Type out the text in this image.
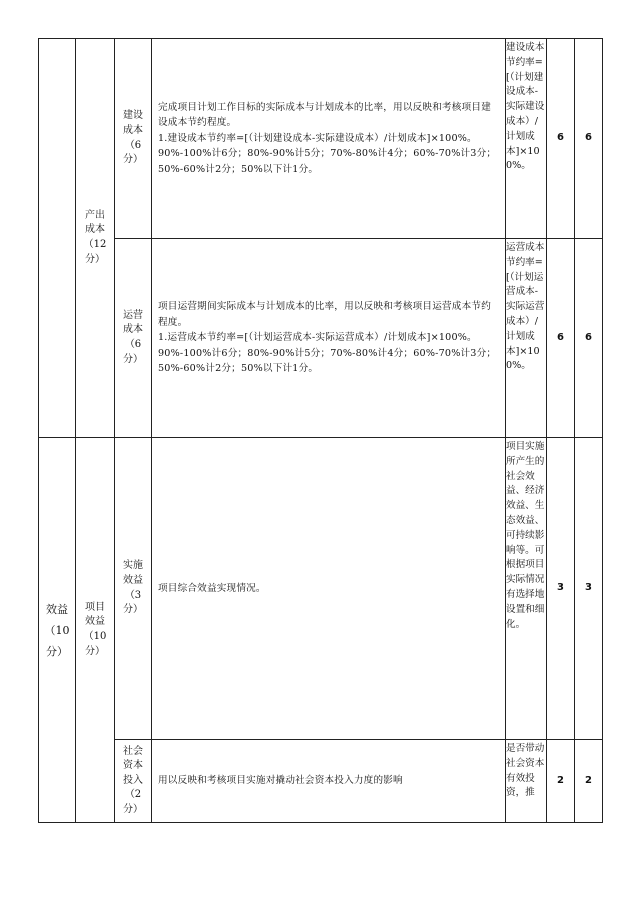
	产出成本（12分）	建设成本（6分）	完成项目计划工作目标的实际成本与计划成本的比率，用以反映和考核项目建设成本节约程度。
1.建设成本节约率=[（计划建设成本-实际建设成本）/计划成本]×100%。
90%-100%计6分；80%-90%计5分；70%-80%计4分；60%-70%计3分；50%-60%计2分；50%以下计1分。	建设成本节约率=[（计划建设成本-实际建设成本）/计划成本]×100%。	6	6

		运营成本（6分）	项目运营期间实际成本与计划成本的比率，用以反映和考核项目运营成本节约程度。
1.运营成本节约率=[（计划运营成本-实际运营成本）/计划成本]×100%。
90%-100%计6分；80%-90%计5分；70%-80%计4分；60%-70%计3分；50%-60%计2分；50%以下计1分。	运营成本节约率=[（计划运营成本-实际运营成本）/计划成本]×100%。	6	6

效益（10分）	项目效益（10分）	实施效益（3分）	项目综合效益实现情况。	项目实施所产生的社会效益、经济效益、生态效益、可持续影响等。可根据项目实际情况有选择地设置和细化。	3	3

		社会资本投入（2分）	用以反映和考核项目实施对撬动社会资本投入力度的影响	是否带动社会资本有效投资，推	2	2
